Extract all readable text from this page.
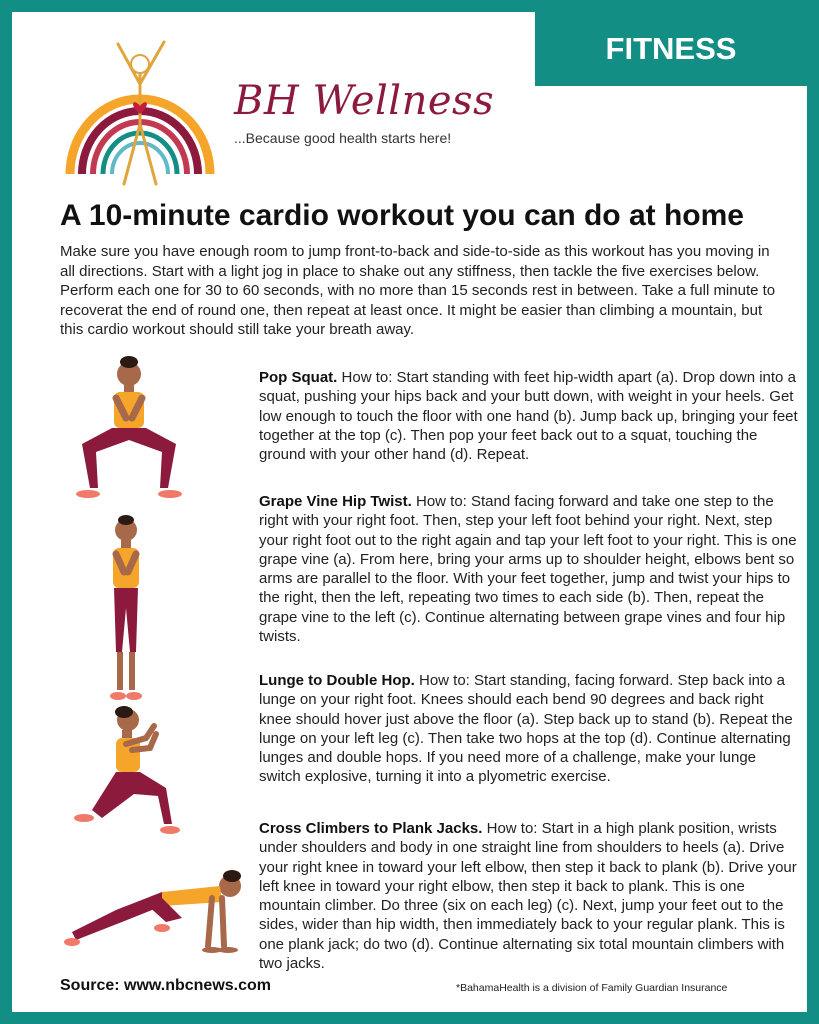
FITNESS
BH Wellness
...Because good health starts here!
A 10-minute cardio workout you can do at home
Make sure you have enough room to jump front-to-back and side-to-side as this workout has you moving in all directions. Start with a light jog in place to shake out any stiffness, then tackle the five exercises below. Perform each one for 30 to 60 seconds, with no more than 15 seconds rest in between. Take a full minute to recoverat the end of round one, then repeat at least once. It might be easier than climbing a mountain, but this cardio workout should still take your breath away.
Pop Squat. How to: Start standing with feet hip-width apart (a). Drop down into a squat, pushing your hips back and your butt down, with weight in your heels. Get low enough to touch the floor with one hand (b). Jump back up, bringing your feet together at the top (c). Then pop your feet back out to a squat, touching the ground with your other hand (d). Repeat.
Grape Vine Hip Twist. How to: Stand facing forward and take one step to the right with your right foot. Then, step your left foot behind your right. Next, step your right foot out to the right again and tap your left foot to your right. This is one grape vine (a). From here, bring your arms up to shoulder height, elbows bent so arms are parallel to the floor. With your feet together, jump and twist your hips to the right, then the left, repeating two times to each side (b). Then, repeat the grape vine to the left (c). Continue alternating between grape vines and four hip twists.
Lunge to Double Hop. How to: Start standing, facing forward. Step back into a lunge on your right foot. Knees should each bend 90 degrees and back right knee should hover just above the floor (a). Step back up to stand (b). Repeat the lunge on your left leg (c). Then take two hops at the top (d). Continue alternating lunges and double hops. If you need more of a challenge, make your lunge switch explosive, turning it into a plyometric exercise.
Cross Climbers to Plank Jacks. How to: Start in a high plank position, wrists under shoulders and body in one straight line from shoulders to heels (a). Drive your right knee in toward your left elbow, then step it back to plank (b). Drive your left knee in toward your right elbow, then step it back to plank. This is one mountain climber. Do three (six on each leg) (c). Next, jump your feet out to the sides, wider than hip width, then immediately back to your regular plank. This is one plank jack; do two (d). Continue alternating six total mountain climbers with two jacks.
Source: www.nbcnews.com	*BahamaHealth is a division of Family Guardian Insurance
